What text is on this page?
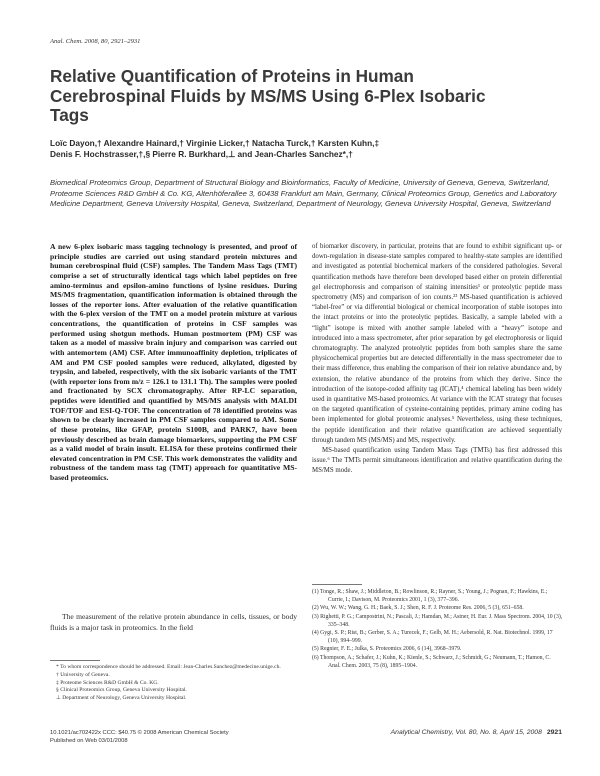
Anal. Chem. 2008, 80, 2921–2931
Relative Quantification of Proteins in Human Cerebrospinal Fluids by MS/MS Using 6-Plex Isobaric Tags
Loïc Dayon,† Alexandre Hainard,† Virginie Licker,† Natacha Turck,† Karsten Kuhn,‡
Denis F. Hochstrasser,†,§ Pierre R. Burkhard,⊥ and Jean-Charles Sanchez*,†
Biomedical Proteomics Group, Department of Structural Biology and Bioinformatics, Faculty of Medicine, University of Geneva, Geneva, Switzerland, Proteome Sciences R&D GmbH & Co. KG, Altenhöferallee 3, 60438 Frankfurt am Main, Germany, Clinical Proteomics Group, Genetics and Laboratory Medicine Department, Geneva University Hospital, Geneva, Switzerland, Department of Neurology, Geneva University Hospital, Geneva, Switzerland
A new 6-plex isobaric mass tagging technology is presented, and proof of principle studies are carried out using standard protein mixtures and human cerebrospinal fluid (CSF) samples. The Tandem Mass Tags (TMT) comprise a set of structurally identical tags which label peptides on free amino-terminus and epsilon-amino functions of lysine residues. During MS/MS fragmentation, quantification information is obtained through the losses of the reporter ions. After evaluation of the relative quantification with the 6-plex version of the TMT on a model protein mixture at various concentrations, the quantification of proteins in CSF samples was performed using shotgun methods. Human postmortem (PM) CSF was taken as a model of massive brain injury and comparison was carried out with antemortem (AM) CSF. After immunoaffinity depletion, triplicates of AM and PM CSF pooled samples were reduced, alkylated, digested by trypsin, and labeled, respectively, with the six isobaric variants of the TMT (with reporter ions from m/z = 126.1 to 131.1 Th). The samples were pooled and fractionated by SCX chromatography. After RP-LC separation, peptides were identified and quantified by MS/MS analysis with MALDI TOF/TOF and ESI-Q-TOF. The concentration of 78 identified proteins was shown to be clearly increased in PM CSF samples compared to AM. Some of these proteins, like GFAP, protein S100B, and PARK7, have been previously described as brain damage biomarkers, supporting the PM CSF as a valid model of brain insult. ELISA for these proteins confirmed their elevated concentration in PM CSF. This work demonstrates the validity and robustness of the tandem mass tag (TMT) approach for quantitative MS-based proteomics.

The measurement of the relative protein abundance in cells, tissues, or body fluids is a major task in proteomics. In the field

* To whom correspondence should be addressed. Email: Jean-Charles.Sanchez@medecine.unige.ch.
† University of Geneva.
‡ Proteome Sciences R&D GmbH & Co. KG.
§ Clinical Proteomics Group, Geneva University Hospital.
⊥ Department of Neurology, Geneva University Hospital.

of biomarker discovery, in particular, proteins that are found to exhibit significant up- or down-regulation in disease-state samples compared to healthy-state samples are identified and investigated as potential biochemical markers of the considered pathologies. Several quantification methods have therefore been developed based either on protein differential gel electrophoresis and comparison of staining intensities¹ or proteolytic peptide mass spectrometry (MS) and comparison of ion counts.²³ MS-based quantification is achieved “label-free” or via differential biological or chemical incorporation of stable isotopes into the intact proteins or into the proteolytic peptides. Basically, a sample labeled with a “light” isotope is mixed with another sample labeled with a “heavy” isotope and introduced into a mass spectrometer, after prior separation by gel electrophoresis or liquid chromatography. The analyzed proteolytic peptides from both samples share the same physicochemical properties but are detected differentially in the mass spectrometer due to their mass difference, thus enabling the comparison of their ion relative abundance and, by extension, the relative abundance of the proteins from which they derive. Since the introduction of the isotope-coded affinity tag (ICAT),⁴ chemical labeling has been widely used in quantitative MS-based proteomics. At variance with the ICAT strategy that focuses on the targeted quantification of cysteine-containing peptides, primary amine coding has been implemented for global proteomic analyses.⁵ Nevertheless, using these techniques, the peptide identification and their relative quantification are achieved sequentially through tandem MS (MS/MS) and MS, respectively.

MS-based quantification using Tandem Mass Tags (TMTs) has first addressed this issue.⁶ The TMTs permit simultaneous identification and relative quantification during the MS/MS mode.

(1) Tonge, R.; Shaw, J.; Middleton, B.; Rowlinson, R.; Rayner, S.; Young, J.; Pognan, F.; Hawkins, E.; Currie, I.; Davison, M. Proteomics 2001, 1 (3), 377–396.
(2) Wu, W. W.; Wang, G. H.; Baek, S. J.; Shen, R. F. J. Proteome Res. 2006, 5 (3), 651–658.
(3) Righetti, P. G.; Campostrini, N.; Pascali, J.; Hamdan, M.; Astner, H. Eur. J. Mass Spectrom. 2004, 10 (3), 335–348.
(4) Gygi, S. P.; Rist, B.; Gerber, S. A.; Turecek, F.; Gelb, M. H.; Aebersold, R. Nat. Biotechnol. 1999, 17 (10), 994–999.
(5) Regnier, F. E.; Julka, S. Proteomics 2006, 6 (14), 3968–3979.
(6) Thompson, A.; Schafer, J.; Kuhn, K.; Kienle, S.; Schwarz, J.; Schmidt, G.; Neumann, T.; Hamon, C. Anal. Chem. 2003, 75 (8), 1895–1904.
10.1021/ac702422x CCC: $40.75 © 2008 American Chemical Society
Published on Web 03/01/2008
Analytical Chemistry, Vol. 80, No. 8, April 15, 2008 2921
